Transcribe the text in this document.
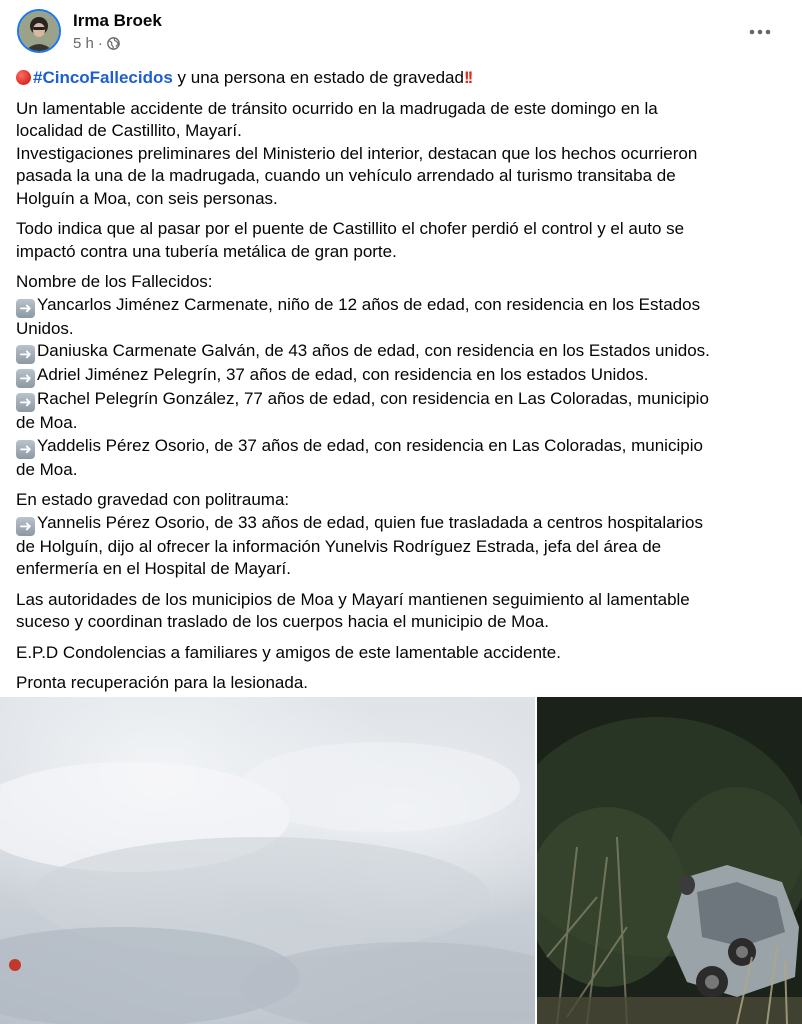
Irma Broek
5 h ·

#CincoFallecidos y una persona en estado de gravedad!!

Un lamentable accidente de tránsito ocurrido en la madrugada de este domingo en la
localidad de Castillito, Mayarí.
Investigaciones preliminares del Ministerio del interior, destacan que los hechos ocurrieron
pasada la una de la madrugada, cuando un vehículo arrendado al turismo transitaba de
Holguín a Moa, con seis personas.

Todo indica que al pasar por el puente de Castillito el chofer perdió el control y el auto se
impactó contra una tubería metálica de gran porte.

Nombre de los Fallecidos:
➜ Yancarlos Jiménez Carmenate, niño de 12 años de edad, con residencia en los Estados
Unidos.
➜ Daniuska Carmenate Galván, de 43 años de edad, con residencia en los Estados unidos.
➜ Adriel Jiménez Pelegrín, 37 años de edad, con residencia en los estados Unidos.
➜ Rachel Pelegrín González, 77 años de edad, con residencia en Las Coloradas, municipio
de Moa.
➜ Yaddelis Pérez Osorio, de 37 años de edad, con residencia en Las Coloradas, municipio
de Moa.

En estado gravedad con politrauma:
➜ Yannelis Pérez Osorio, de 33 años de edad, quien fue trasladada a centros hospitalarios
de Holguín, dijo al ofrecer la información Yunelvis Rodríguez Estrada, jefa del área de
enfermería en el Hospital de Mayarí.

Las autoridades de los municipios de Moa y Mayarí mantienen seguimiento al lamentable
suceso y coordinan traslado de los cuerpos hacia el municipio de Moa.

E.P.D Condolencias a familiares y amigos de este lamentable accidente.

Pronta recuperación para la lesionada.
